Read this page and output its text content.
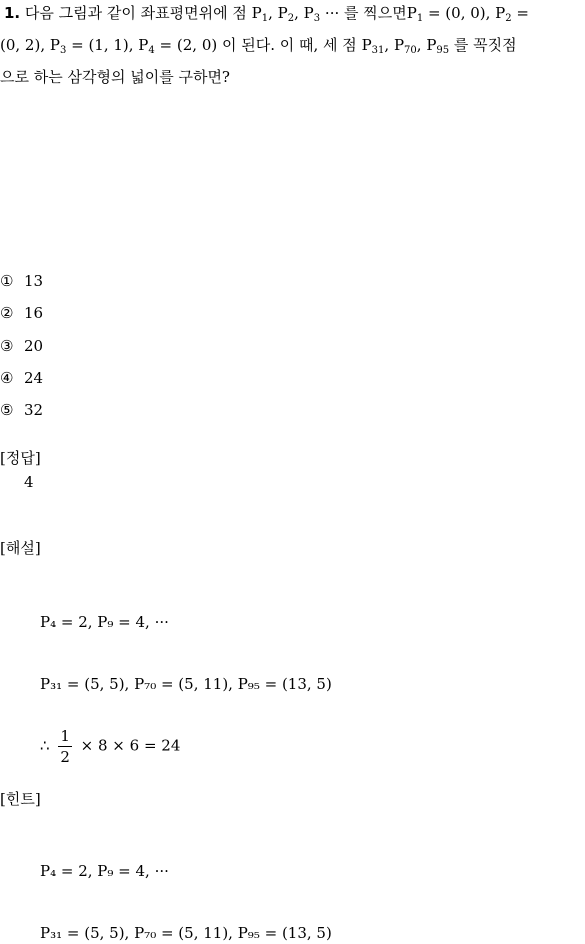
1. 다음 그림과 같이 좌표평면위에 점 $P_1$, $P_2$, $P_3$ ··· 를 찍으면$P_1 = (0$, 0), $P_2$ =
(0, 2), $P_3 = (1$, 1), $P_4 = (2$, 0) 이 된다. 이 때, 세 점 $P_{31}$, $P_{70}$, $P_{95}$ 를 꼭짓점
으로 하는 삼각형의 넓이를 구하면?
① 13
② 16
③ 20
④ 24
⑤ 32
[정답]
4
[해설]
P₄ = 2, P₉ = 4, ···
P₃₁ = (5, 5), P₇₀ = (5, 11), P₉₅ = (13, 5)
∴ $\frac{1}{2} \times 8 \times 6 = 24$
[힌트]
P₄ = 2, P₉ = 4, ···
P₃₁ = (5, 5), P₇₀ = (5, 11), P₉₅ = (13, 5)
